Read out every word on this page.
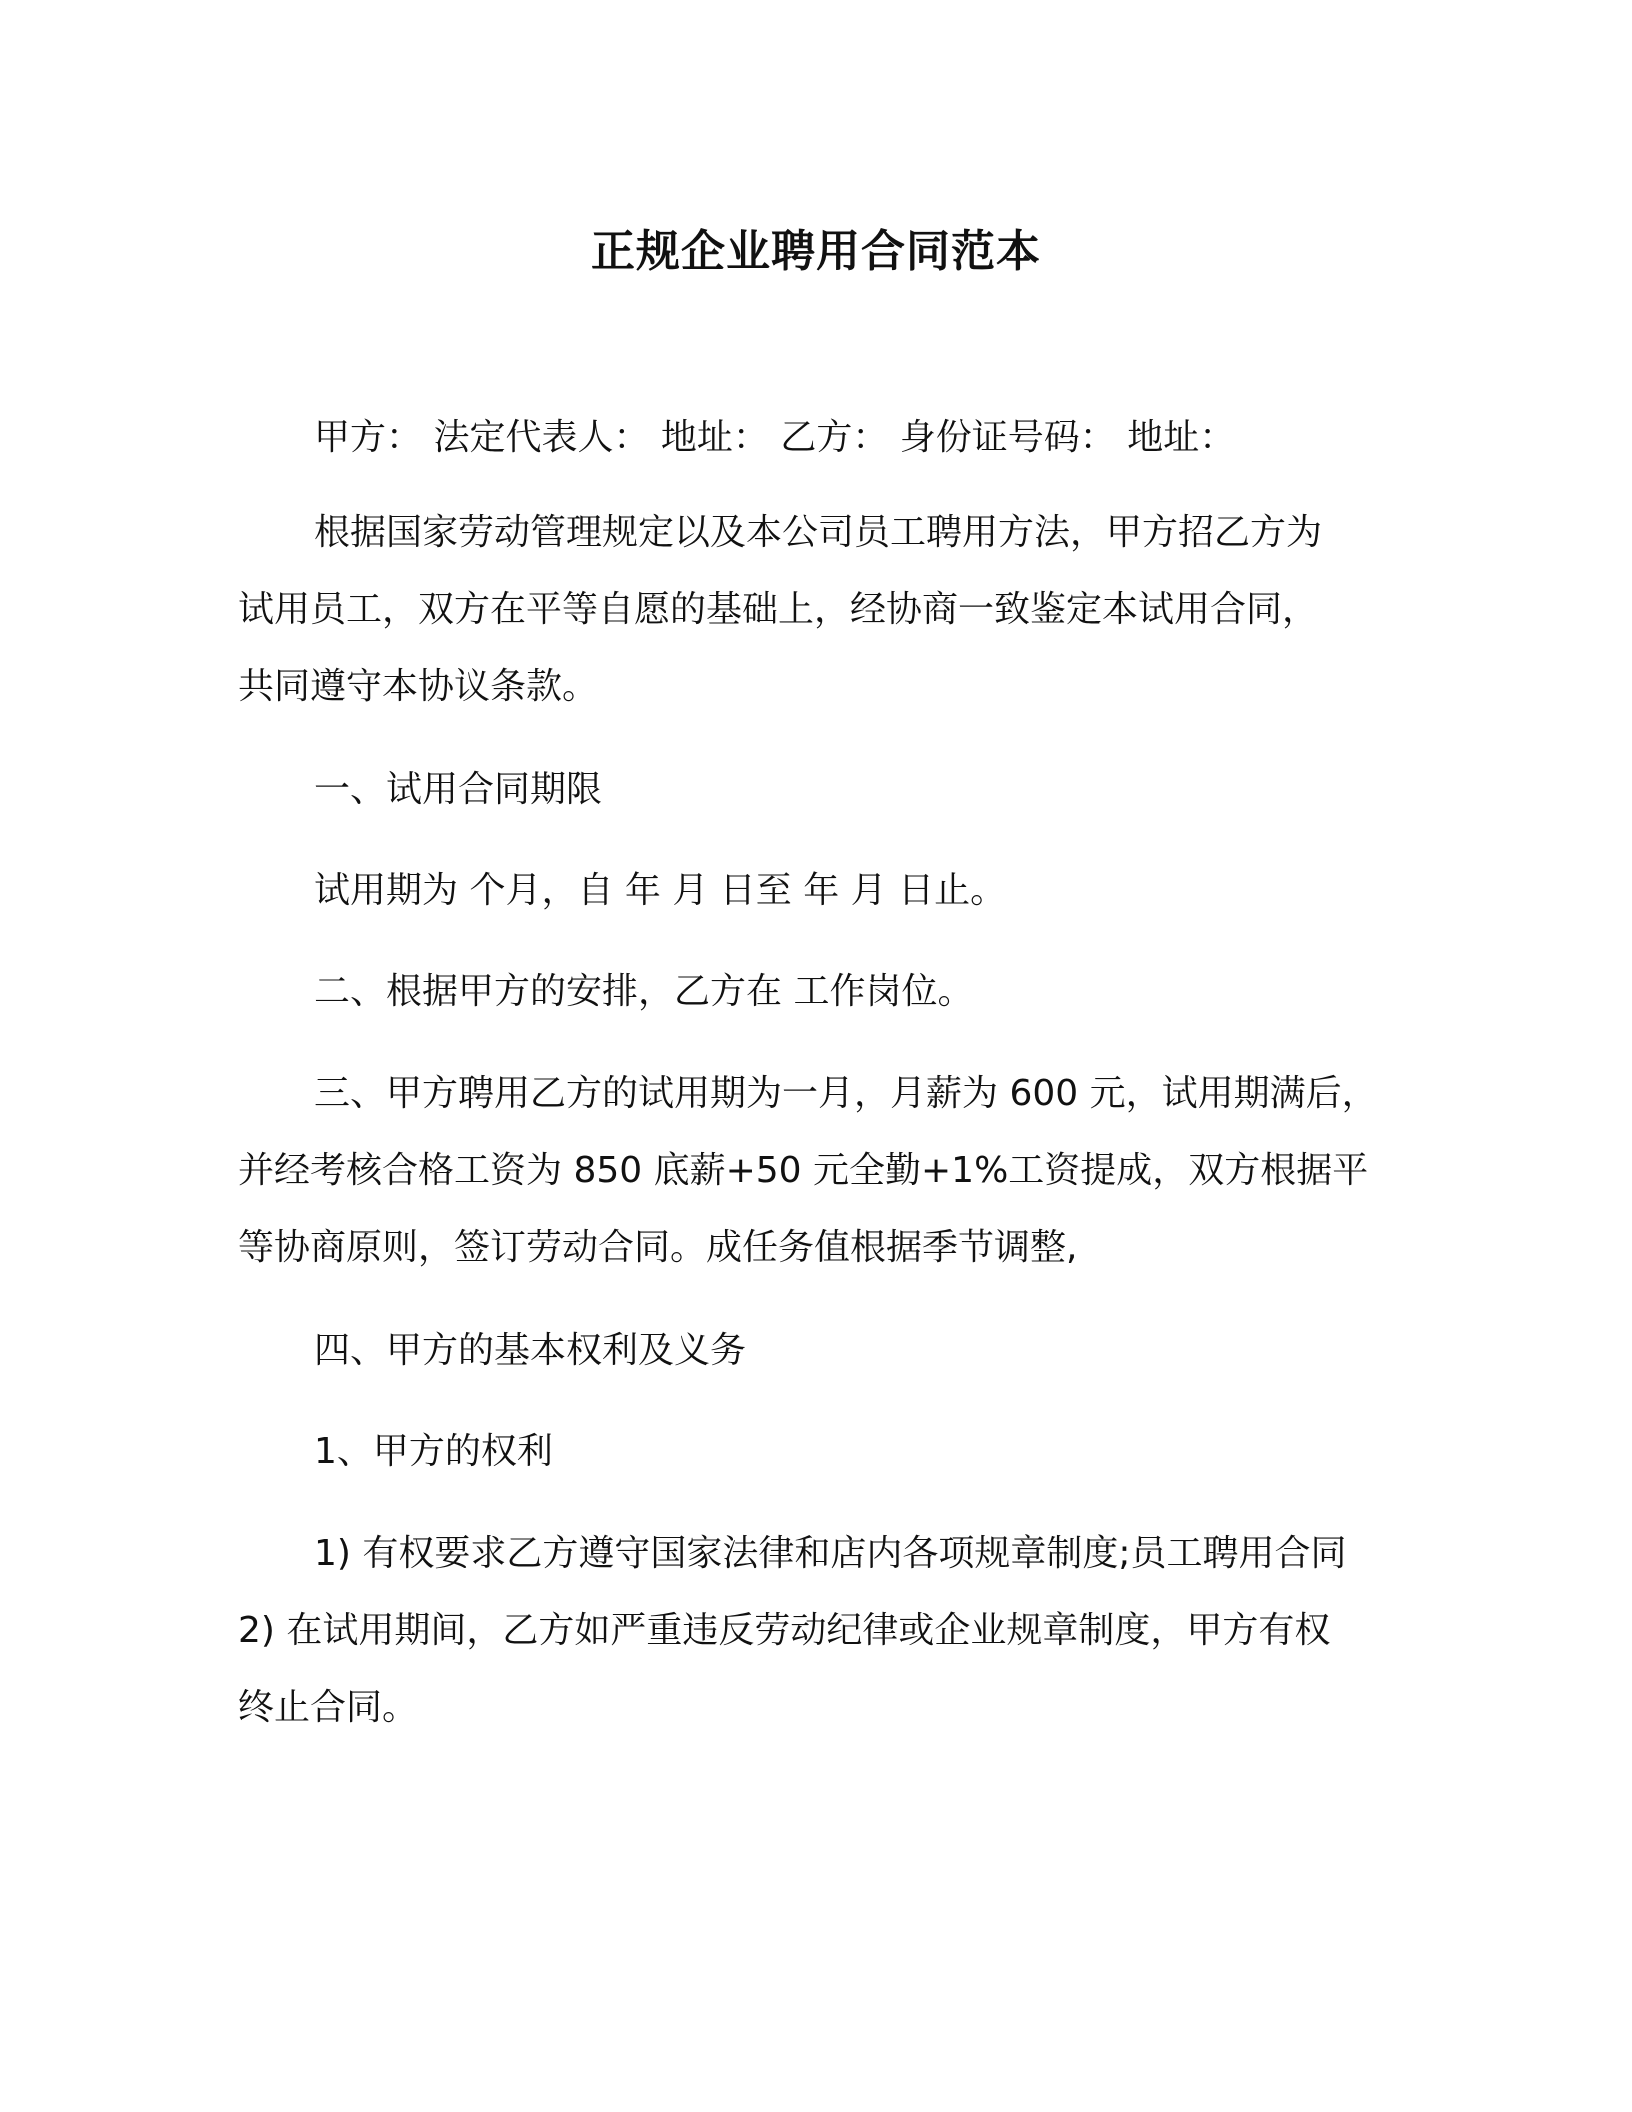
正规企业聘用合同范本

甲方： 法定代表人： 地址： 乙方： 身份证号码： 地址：

根据国家劳动管理规定以及本公司员工聘用方法，甲方招乙方为
试用员工，双方在平等自愿的基础上，经协商一致鉴定本试用合同，
共同遵守本协议条款。

一、试用合同期限

试用期为 个月，自 年 月 日至 年 月 日止。

二、根据甲方的安排，乙方在 工作岗位。

三、甲方聘用乙方的试用期为一月，月薪为 600 元，试用期满后，
并经考核合格工资为 850 底薪+50 元全勤+1%工资提成，双方根据平
等协商原则，签订劳动合同。成任务值根据季节调整,

四、甲方的基本权利及义务

1、甲方的权利

1) 有权要求乙方遵守国家法律和店内各项规章制度;员工聘用合同
2) 在试用期间，乙方如严重违反劳动纪律或企业规章制度，甲方有权
终止合同。
